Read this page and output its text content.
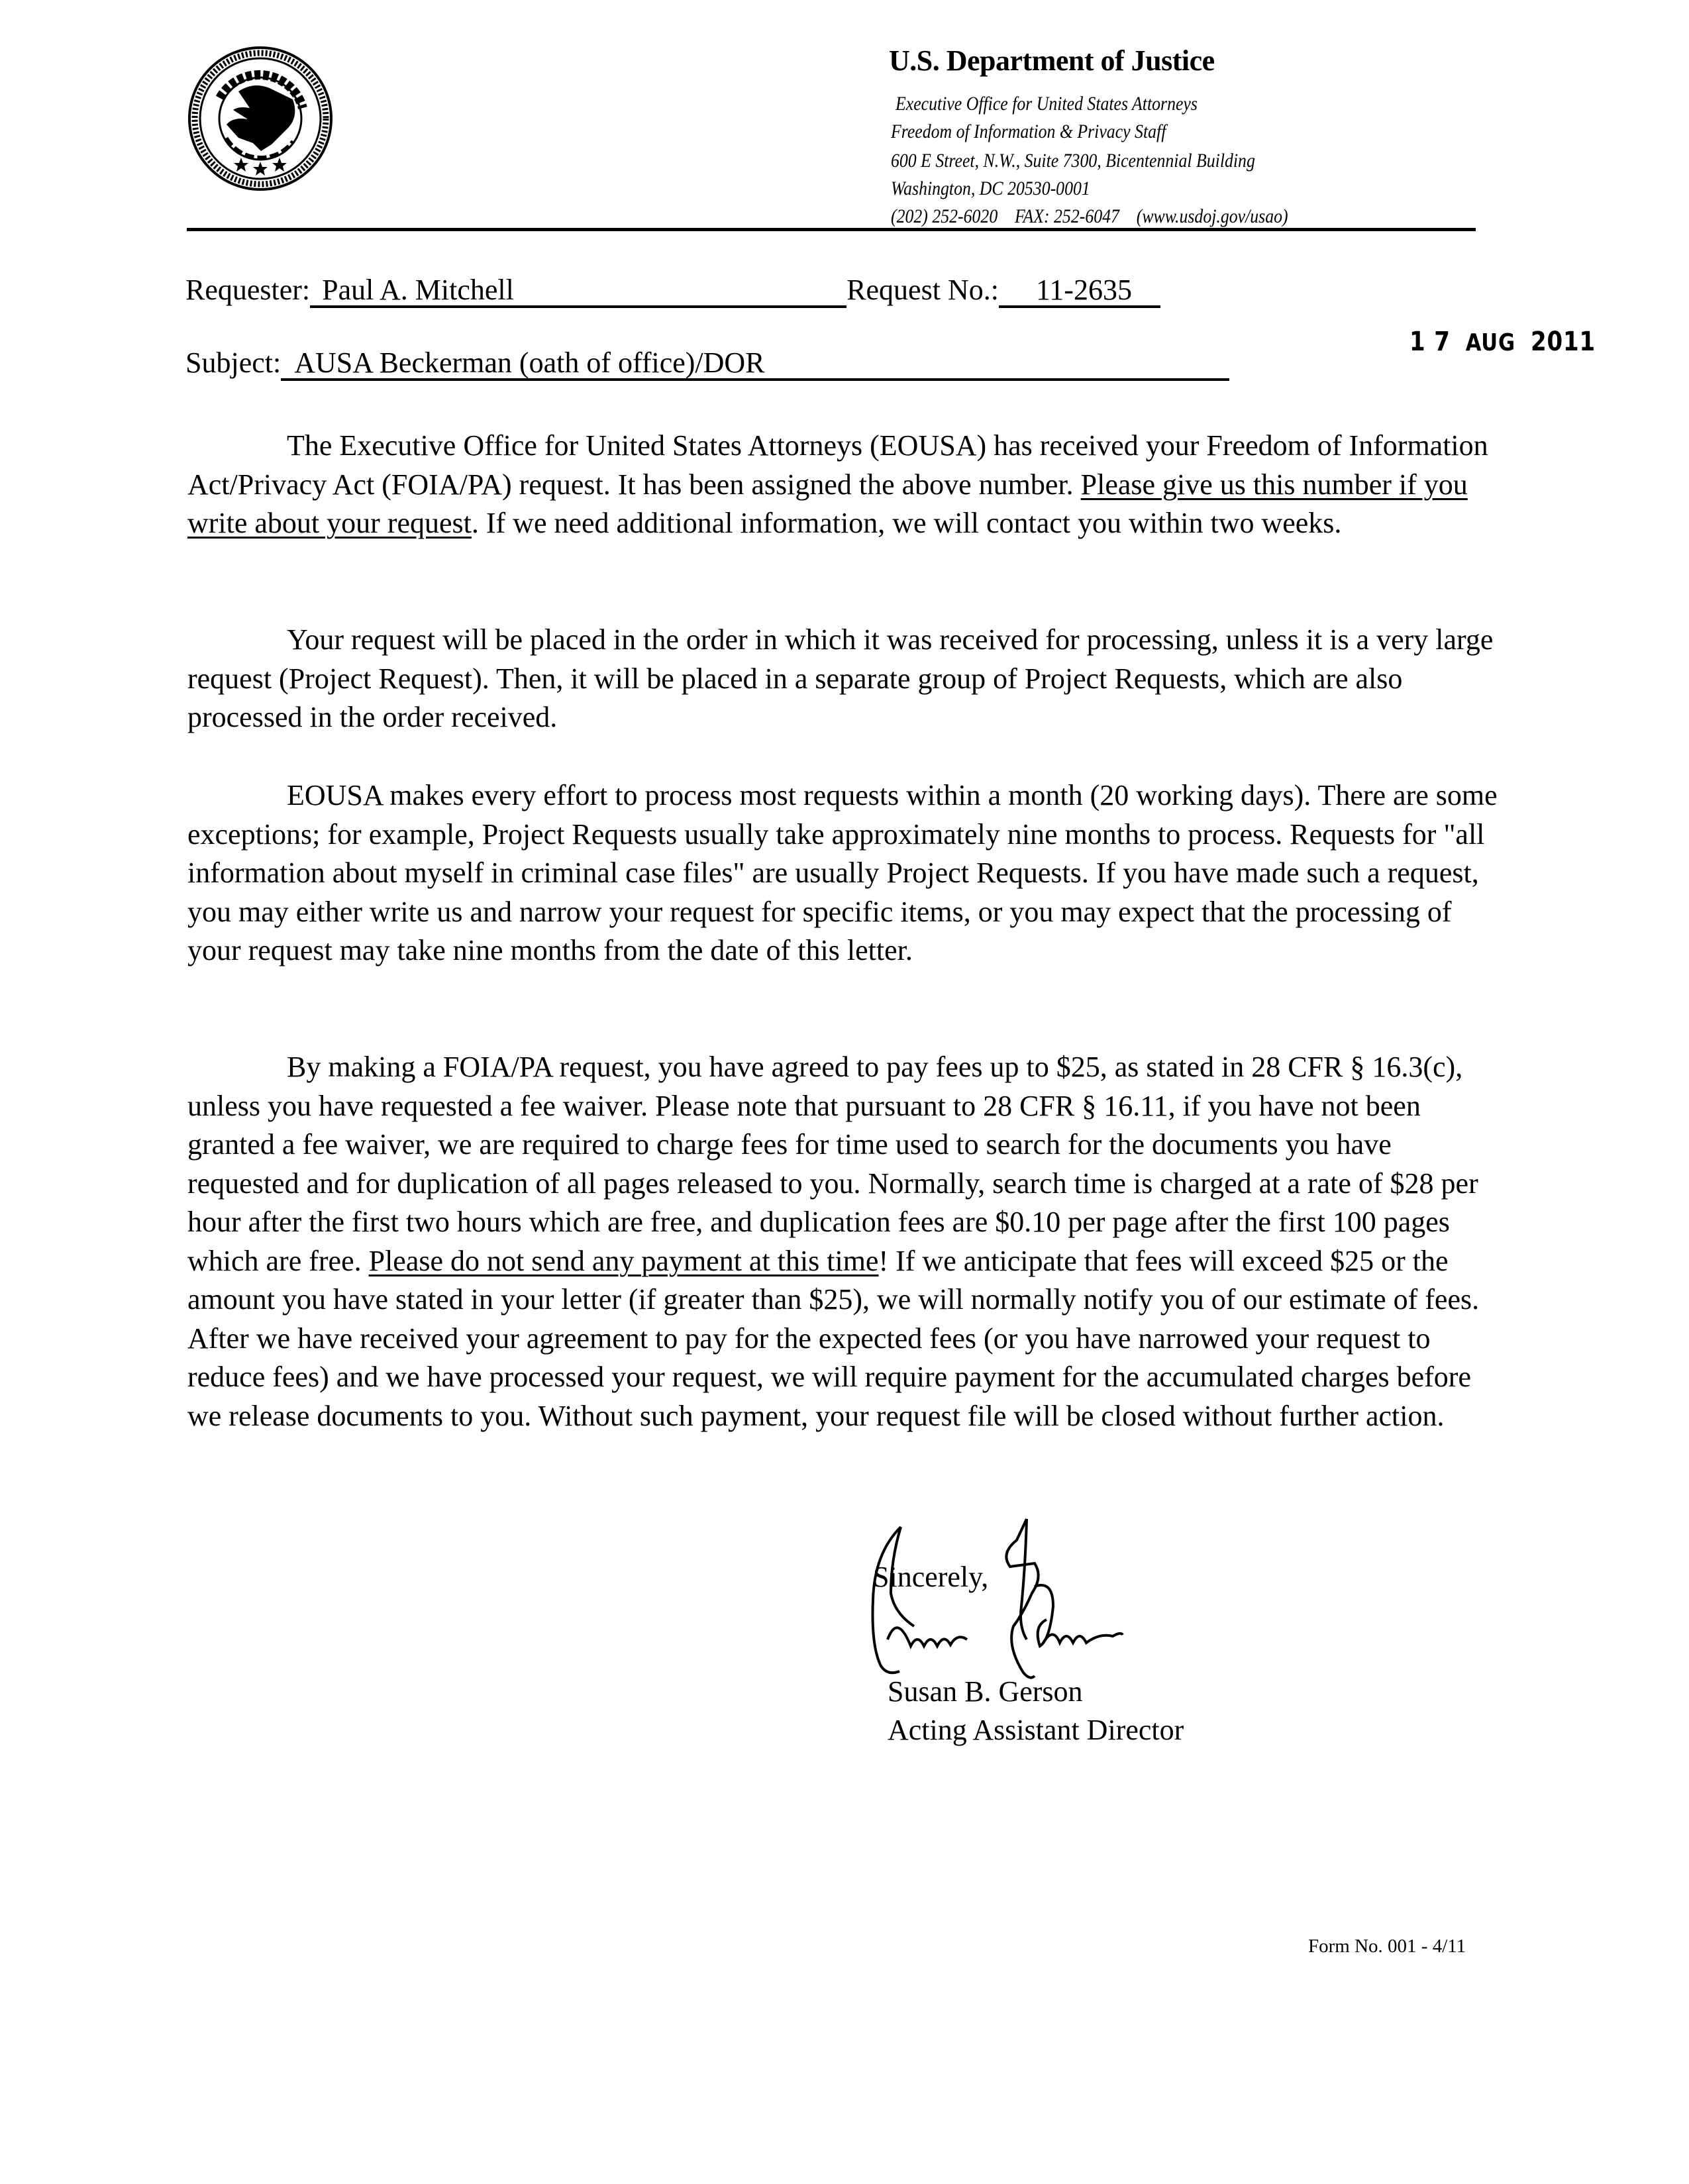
U.S. Department of Justice
Executive Office for United States Attorneys
Freedom of Information & Privacy Staff
600 E Street, N.W., Suite 7300, Bicentennial Building
Washington, DC 20530-0001
(202) 252-6020 FAX: 252-6047 (www.usdoj.gov/usao)
Requester: Paul A. Mitchell	Request No.: 11-2635
Subject: AUSA Beckerman (oath of office)/DOR
1 7 AUG 2011

The Executive Office for United States Attorneys (EOUSA) has received your Freedom of Information Act/Privacy Act (FOIA/PA) request. It has been assigned the above number. Please give us this number if you write about your request. If we need additional information, we will contact you within two weeks.

Your request will be placed in the order in which it was received for processing, unless it is a very large request (Project Request). Then, it will be placed in a separate group of Project Requests, which are also processed in the order received.

EOUSA makes every effort to process most requests within a month (20 working days). There are some exceptions; for example, Project Requests usually take approximately nine months to process. Requests for "all information about myself in criminal case files" are usually Project Requests. If you have made such a request, you may either write us and narrow your request for specific items, or you may expect that the processing of your request may take nine months from the date of this letter.

By making a FOIA/PA request, you have agreed to pay fees up to $25, as stated in 28 CFR § 16.3(c), unless you have requested a fee waiver. Please note that pursuant to 28 CFR § 16.11, if you have not been granted a fee waiver, we are required to charge fees for time used to search for the documents you have requested and for duplication of all pages released to you. Normally, search time is charged at a rate of $28 per hour after the first two hours which are free, and duplication fees are $0.10 per page after the first 100 pages which are free. Please do not send any payment at this time! If we anticipate that fees will exceed $25 or the amount you have stated in your letter (if greater than $25), we will normally notify you of our estimate of fees. After we have received your agreement to pay for the expected fees (or you have narrowed your request to reduce fees) and we have processed your request, we will require payment for the accumulated charges before we release documents to you. Without such payment, your request file will be closed without further action.

Sincerely,
Susan B. Gerson
Acting Assistant Director
Form No. 001 - 4/11
